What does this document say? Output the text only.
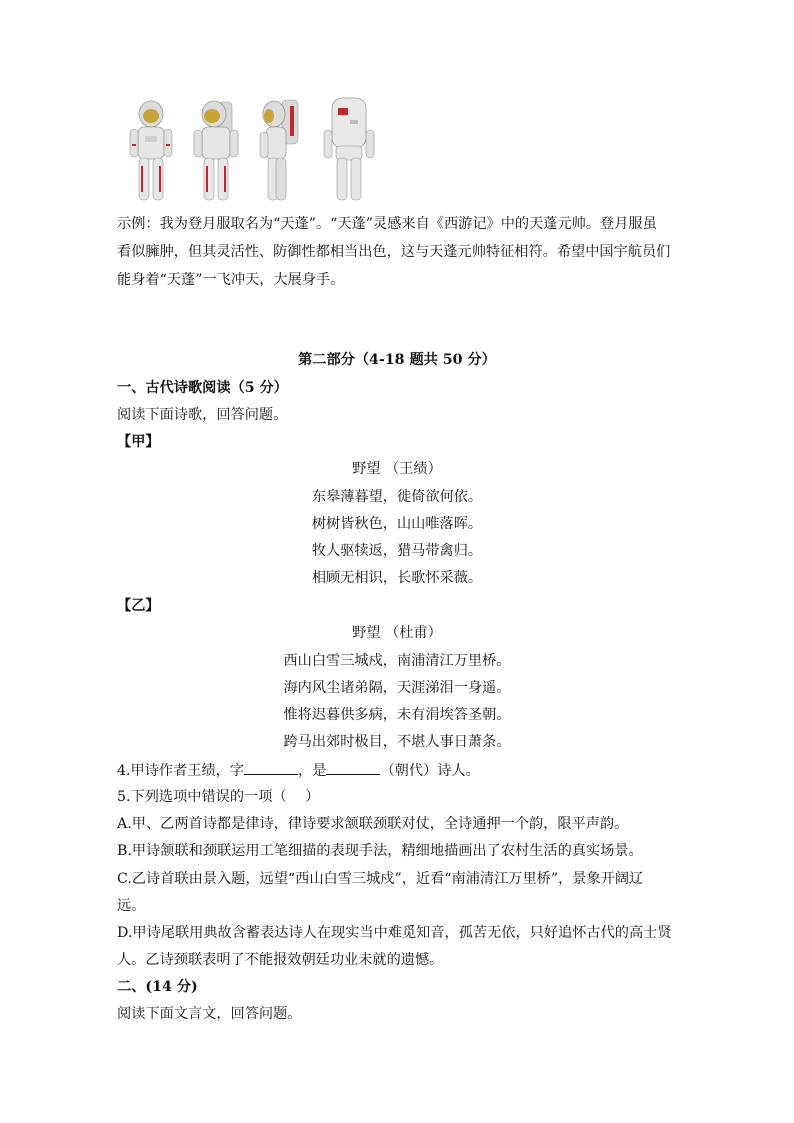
示例：我为登月服取名为“天蓬”。“天蓬”灵感来自《西游记》中的天蓬元帅。登月服虽
看似臃肿，但其灵活性、防御性都相当出色，这与天蓬元帅特征相符。希望中国宇航员们
能身着“天蓬”一飞冲天，大展身手。
第二部分（4-18 题共 50 分）
一、古代诗歌阅读（5 分）
阅读下面诗歌，回答问题。
【甲】
野望 （王绩）
东皋薄暮望，徙倚欲何依。
树树皆秋色，山山唯落晖。
牧人驱犊返，猎马带禽归。
相顾无相识，长歌怀采薇。
【乙】
野望 （杜甫）
西山白雪三城戍，南浦清江万里桥。
海内风尘诸弟隔，天涯涕泪一身遥。
惟将迟暮供多病，未有涓埃答圣朝。
跨马出郊时极目，不堪人事日萧条。
4.甲诗作者王绩，字	，是	（朝代）诗人。
5.下列选项中错误的一项（　 ）
A.甲、乙两首诗都是律诗，律诗要求颔联颈联对仗，全诗通押一个韵，限平声韵。
B.甲诗颔联和颈联运用工笔细描的表现手法，精细地描画出了农村生活的真实场景。
C.乙诗首联由景入题，远望“西山白雪三城戍”，近看“南浦清江万里桥”，景象开阔辽
远。
D.甲诗尾联用典故含蓄表达诗人在现实当中难觅知音，孤苦无依，只好追怀古代的高士贤
人。乙诗颈联表明了不能报效朝廷功业未就的遗憾。
二、(14 分)
阅读下面文言文，回答问题。
